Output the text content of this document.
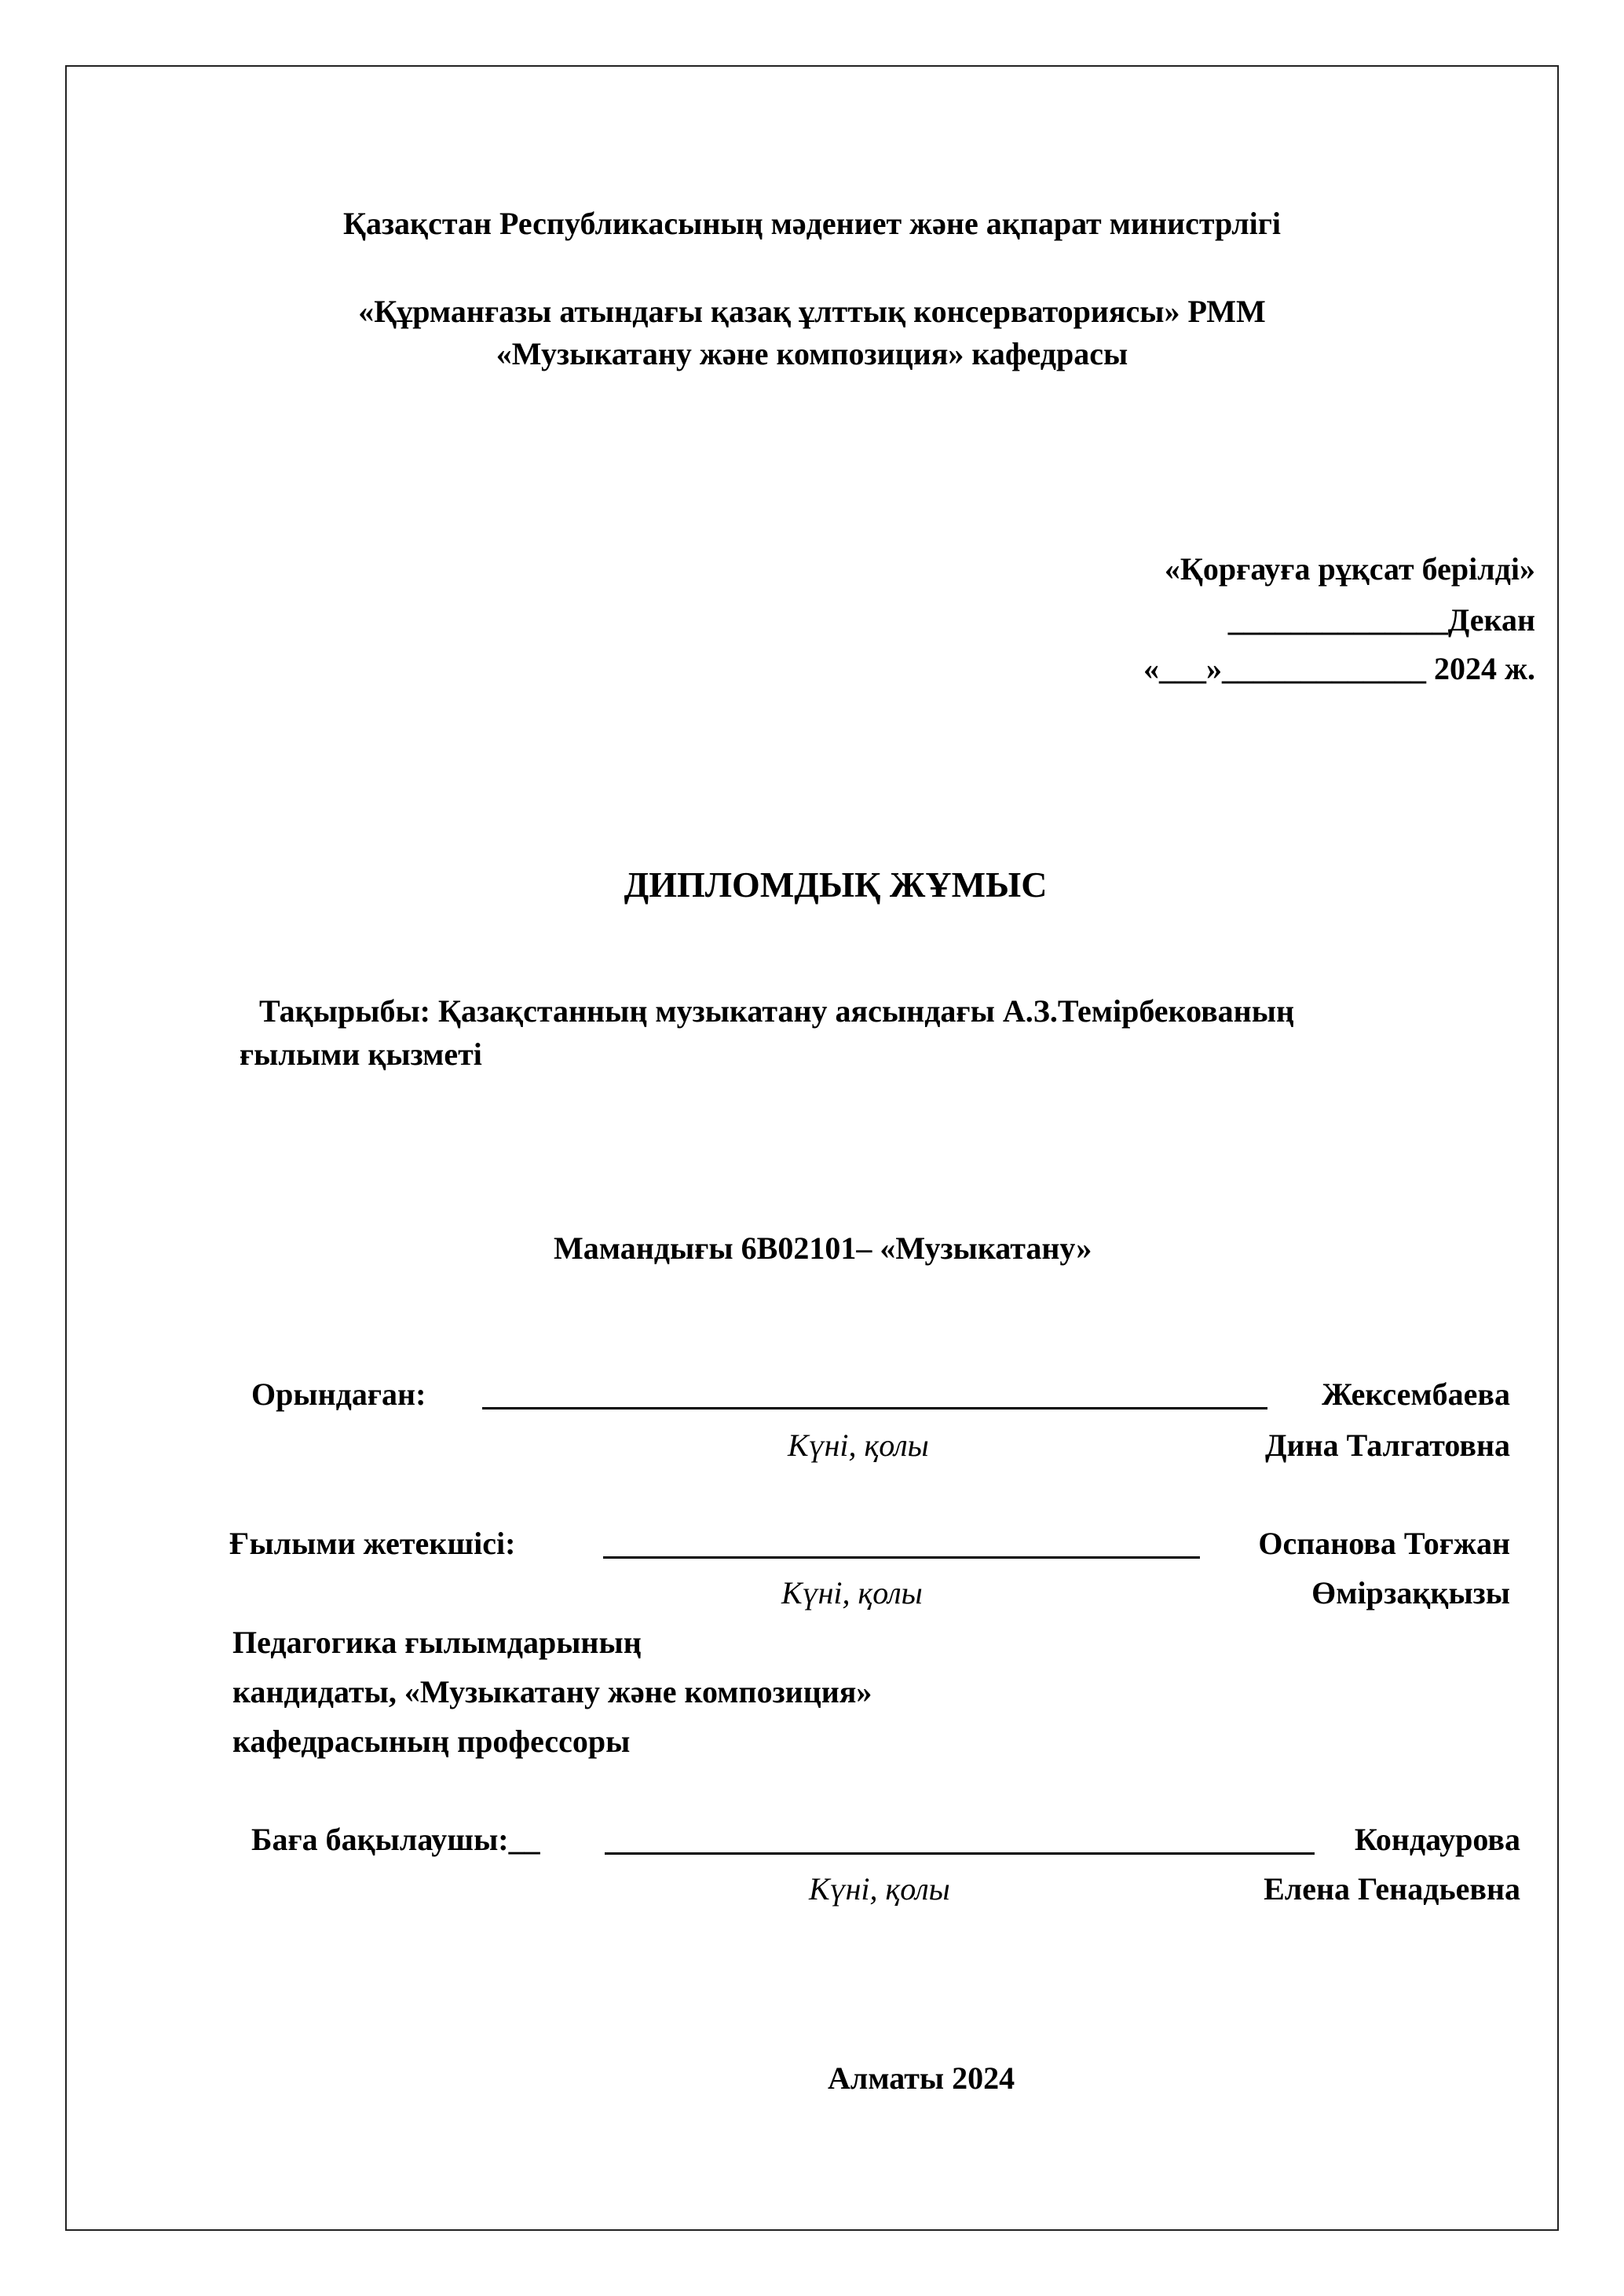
Қазақстан Республикасының мәдениет және ақпарат министрлігі
«Құрманғазы атындағы қазақ ұлттық консерваториясы» РММ
«Музыкатану және композиция» кафедрасы
«Қорғауға рұқсат берілді»
______________Декан
«___»_____________ 2024 ж.
ДИПЛОМДЫҚ ЖҰМЫС
Тақырыбы: Қазақстанның музыкатану аясындағы А.З.Темірбекованың
ғылыми қызметі
Мамандығы 6В02101– «Музыкатану»
Орындаған:	Жексембаева
Күні, қолы	Дина Талгатовна
Ғылыми жетекшісі:	Оспанова Тоғжан
Күні, қолы	Өмірзаққызы
Педагогика ғылымдарының
кандидаты, «Музыкатану және композиция»
кафедрасының профессоры
Баға бақылаушы:__	Кондаурова
Күні, қолы	Елена Генадьевна
Алматы 2024
